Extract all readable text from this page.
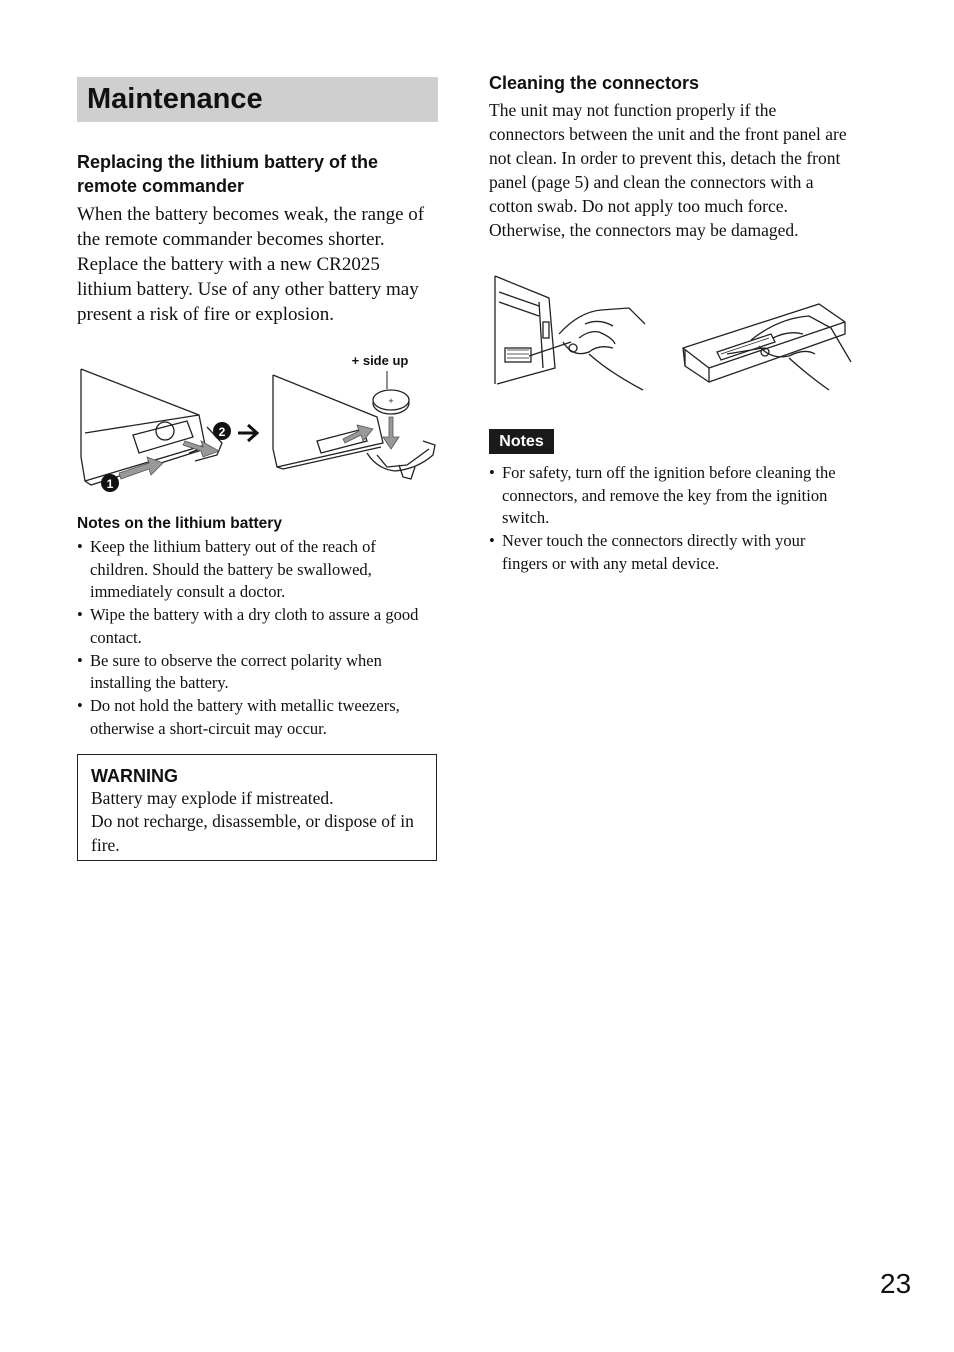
Maintenance
Replacing the lithium battery of the remote commander
When the battery becomes weak, the range of the remote commander becomes shorter. Replace the battery with a new CR2025 lithium battery. Use of any other battery may present a risk of fire or explosion.
1
2
+
+ side up
Notes on the lithium battery
• Keep the lithium battery out of the reach of children. Should the battery be swallowed, immediately consult a doctor.
• Wipe the battery with a dry cloth to assure a good contact.
• Be sure to observe the correct polarity when installing the battery.
• Do not hold the battery with metallic tweezers, otherwise a short-circuit may occur.
WARNING
Battery may explode if mistreated.
Do not recharge, disassemble, or dispose of in fire.
Cleaning the connectors
The unit may not function properly if the connectors between the unit and the front panel are not clean. In order to prevent this, detach the front panel (page 5) and clean the connectors with a cotton swab. Do not apply too much force. Otherwise, the connectors may be damaged.
Notes
• For safety, turn off the ignition before cleaning the connectors, and remove the key from the ignition switch.
• Never touch the connectors directly with your fingers or with any metal device.
23
